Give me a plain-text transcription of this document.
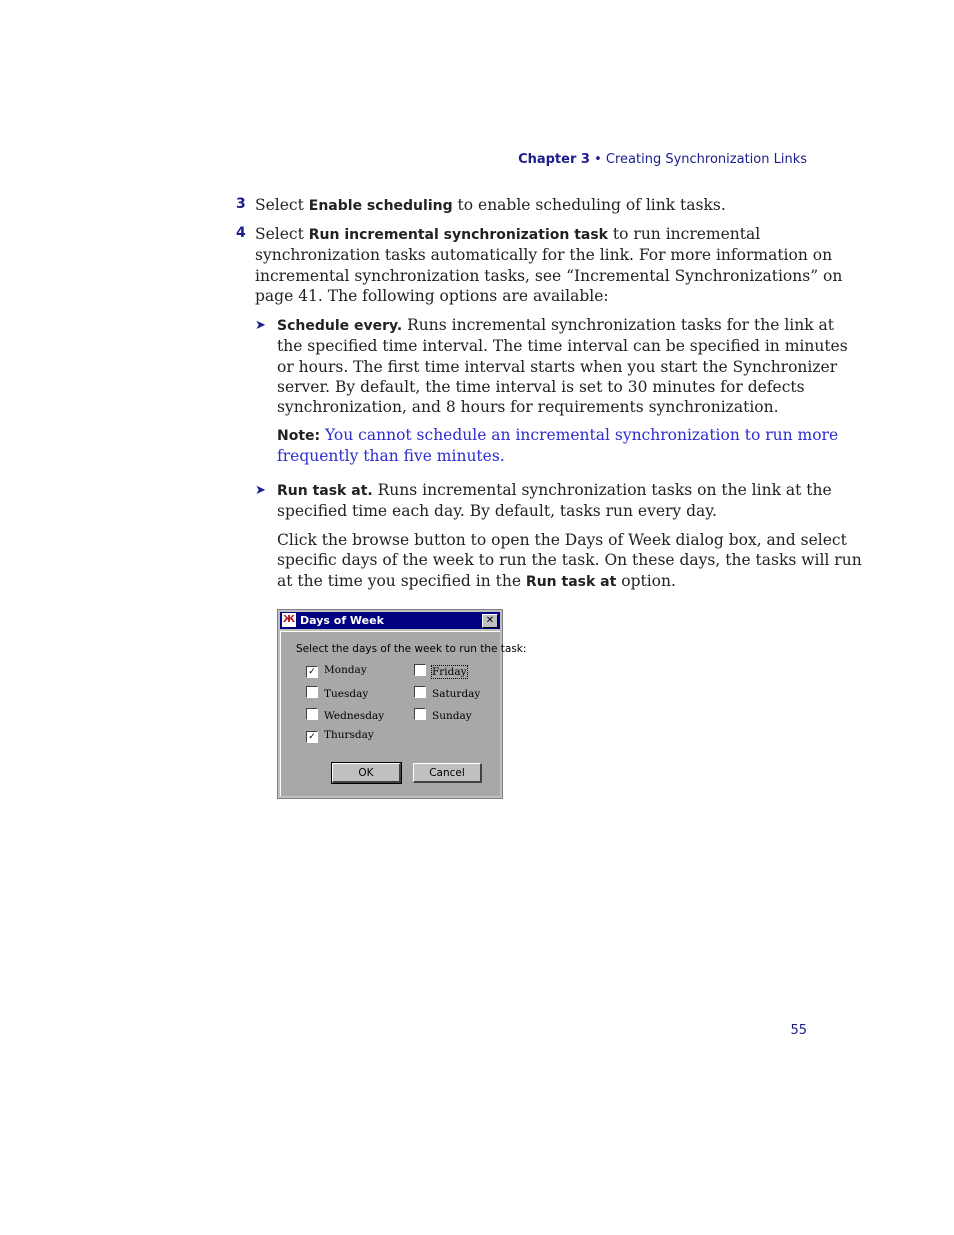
Chapter 3 • Creating Synchronization Links
3 Select Enable scheduling to enable scheduling of link tasks.
4 Select Run incremental synchronization task to run incremental
synchronization tasks automatically for the link. For more information on
incremental synchronization tasks, see “Incremental Synchronizations” on
page 41. The following options are available:
➤ Schedule every. Runs incremental synchronization tasks for the link at
the specified time interval. The time interval can be specified in minutes
or hours. The first time interval starts when you start the Synchronizer
server. By default, the time interval is set to 30 minutes for defects
synchronization, and 8 hours for requirements synchronization.
Note: You cannot schedule an incremental synchronization to run more
frequently than five minutes.
➤ Run task at. Runs incremental synchronization tasks on the link at the
specified time each day. By default, tasks run every day.
Click the browse button to open the Days of Week dialog box, and select
specific days of the week to run the task. On these days, the tasks will run
at the time you specified in the Run task at option.
Ж Days of Week	✕
Select the days of the week to run the task:
✓ Monday
Tuesday
Wednesday
✓ Thursday
Friday
Saturday
Sunday
OK	Cancel
55
